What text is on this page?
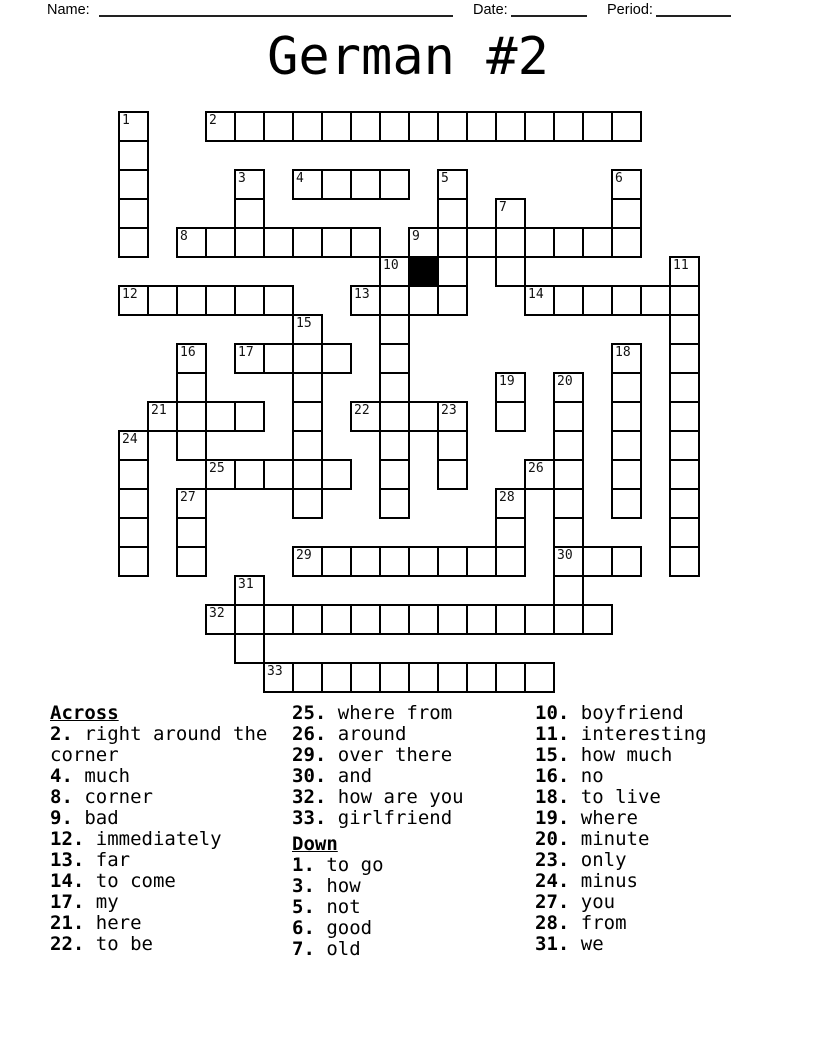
Name:	Date:	Period:
German #2
1	2
3	4	5	6
7
8	9
10	11
12	13	14
15
16	17	18
19	20
21	22	23
24
25	26
27	28
29	30
31
32
33
Across
2. right around the corner
4. much
8. corner
9. bad
12. immediately
13. far
14. to come
17. my
21. here
22. to be
25. where from
26. around
29. over there
30. and
32. how are you
33. girlfriend
Down
1. to go
3. how
5. not
6. good
7. old
10. boyfriend
11. interesting
15. how much
16. no
18. to live
19. where
20. minute
23. only
24. minus
27. you
28. from
31. we
